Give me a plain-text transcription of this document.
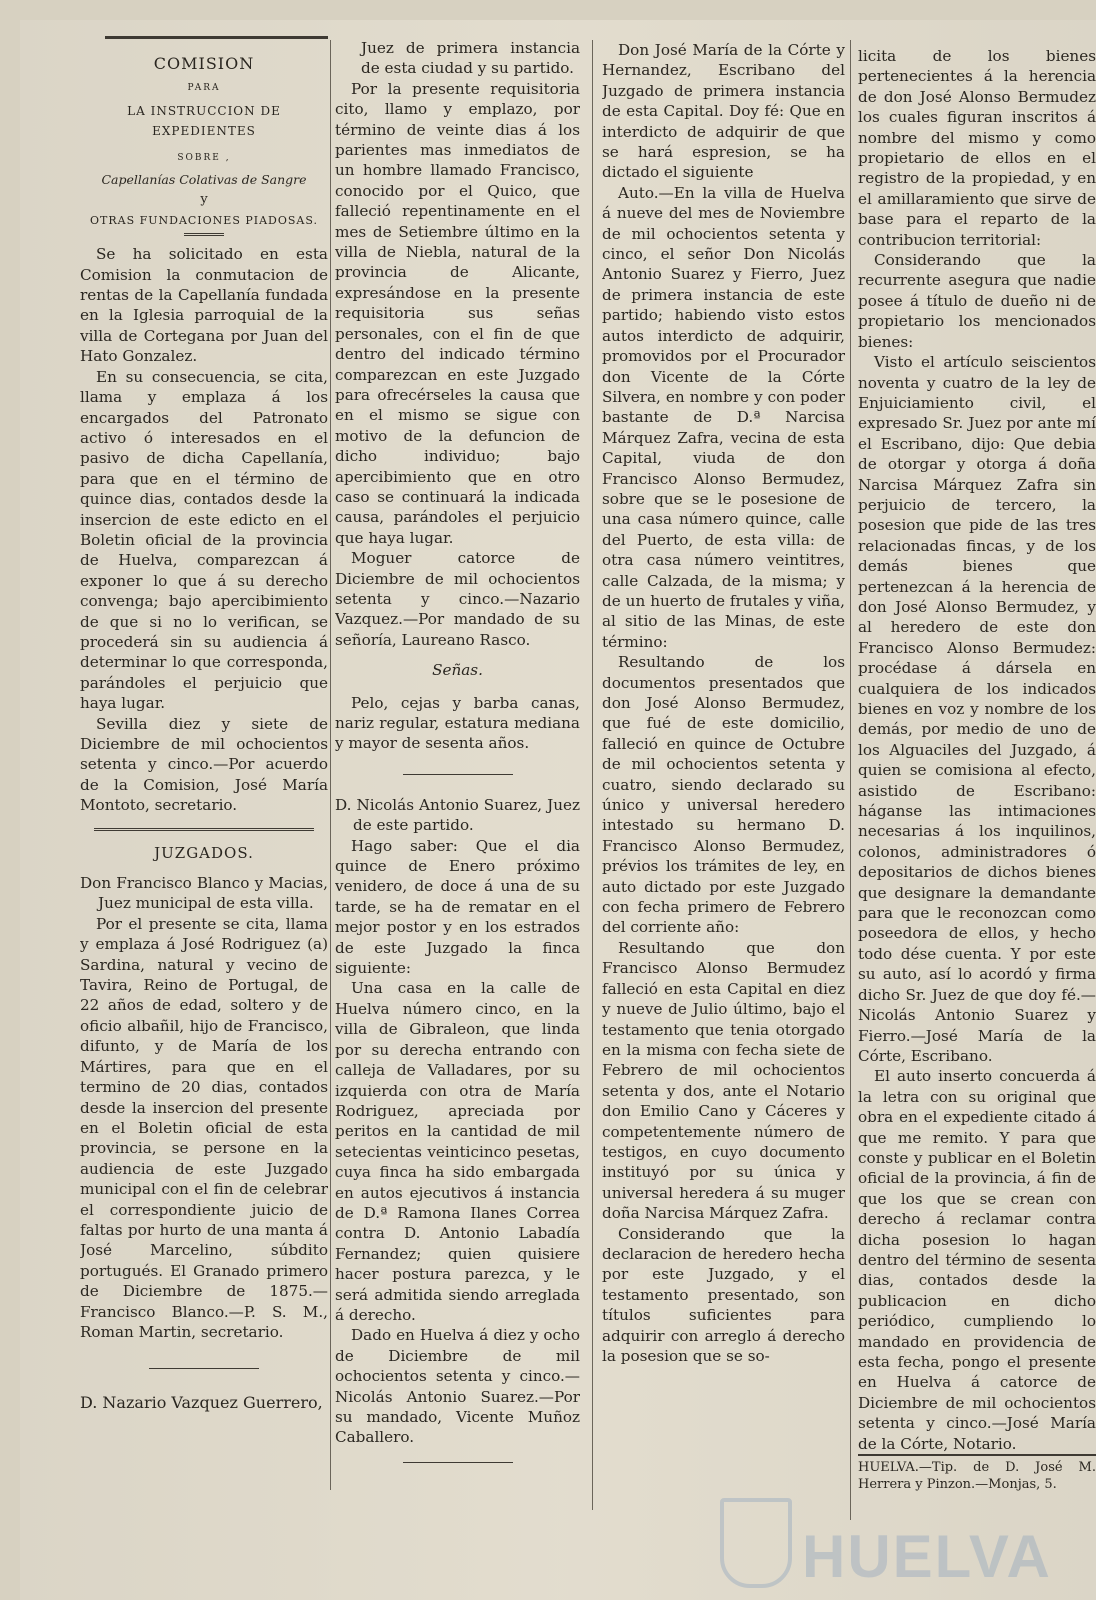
COMISION
PARA
LA INSTRUCCION DE EXPEDIENTES
SOBRE ,
Capellanías Colativas de Sangre
y
OTRAS FUNDACIONES PIADOSAS.

Se ha solicitado en esta Comision la conmutacion de rentas de la Capellanía fundada en la Iglesia parroquial de la villa de Cortegana por Juan del Hato Gonzalez.

En su consecuencia, se cita, llama y emplaza á los encargados del Patronato activo ó interesados en el pasivo de dicha Capellanía, para que en el término de quince dias, contados desde la insercion de este edicto en el Boletin oficial de la provincia de Huelva, comparezcan á exponer lo que á su derecho convenga; bajo apercibimiento de que si no lo verifican, se procederá sin su audiencia á determinar lo que corresponda, parándoles el perjuicio que haya lugar.

Sevilla diez y siete de Diciembre de mil ochocientos setenta y cinco.—Por acuerdo de la Comision, José María Montoto, secretario.

JUZGADOS.

Don Francisco Blanco y Macias, Juez municipal de esta villa.

Por el presente se cita, llama y emplaza á José Rodriguez (a) Sardina, natural y vecino de Tavira, Reino de Portugal, de 22 años de edad, soltero y de oficio albañil, hijo de Francisco, difunto, y de María de los Mártires, para que en el termino de 20 dias, contados desde la insercion del presente en el Boletin oficial de esta provincia, se persone en la audiencia de este Juzgado municipal con el fin de celebrar el correspondiente juicio de faltas por hurto de una manta á José Marcelino, súbdito portugués. El Granado primero de Diciembre de 1875.—Francisco Blanco.—P. S. M., Roman Martin, secretario.

D. Nazario Vazquez Guerrero,

Juez de primera instancia de esta ciudad y su partido.

Por la presente requisitoria cito, llamo y emplazo, por término de veinte dias á los parientes mas inmediatos de un hombre llamado Francisco, conocido por el Quico, que falleció repentinamente en el mes de Setiembre último en la villa de Niebla, natural de la provincia de Alicante, expresándose en la presente requisitoria sus señas personales, con el fin de que dentro del indicado término comparezcan en este Juzgado para ofrecérseles la causa que en el mismo se sigue con motivo de la defuncion de dicho individuo; bajo apercibimiento que en otro caso se continuará la indicada causa, parándoles el perjuicio que haya lugar.

Moguer catorce de Diciembre de mil ochocientos setenta y cinco.—Nazario Vazquez.—Por mandado de su señoría, Laureano Rasco.

Señas.

Pelo, cejas y barba canas, nariz regular, estatura mediana y mayor de sesenta años.

D. Nicolás Antonio Suarez, Juez de este partido.

Hago saber: Que el dia quince de Enero próximo venidero, de doce á una de su tarde, se ha de rematar en el mejor postor y en los estrados de este Juzgado la finca siguiente:

Una casa en la calle de Huelva número cinco, en la villa de Gibraleon, que linda por su derecha entrando con calleja de Valladares, por su izquierda con otra de María Rodriguez, apreciada por peritos en la cantidad de mil setecientas veinticinco pesetas, cuya finca ha sido embargada en autos ejecutivos á instancia de D.ª Ramona Ilanes Correa contra D. Antonio Labadía Fernandez; quien quisiere hacer postura parezca, y le será admitida siendo arreglada á derecho.

Dado en Huelva á diez y ocho de Diciembre de mil ochocientos setenta y cinco.—Nicolás Antonio Suarez.—Por su mandado, Vicente Muñoz Caballero.

Don José María de la Córte y Hernandez, Escribano del Juzgado de primera instancia de esta Capital. Doy fé: Que en interdicto de adquirir de que se hará espresion, se ha dictado el siguiente

Auto.—En la villa de Huelva á nueve del mes de Noviembre de mil ochocientos setenta y cinco, el señor Don Nicolás Antonio Suarez y Fierro, Juez de primera instancia de este partido; habiendo visto estos autos interdicto de adquirir, promovidos por el Procurador don Vicente de la Córte Silvera, en nombre y con poder bastante de D.ª Narcisa Márquez Zafra, vecina de esta Capital, viuda de don Francisco Alonso Bermudez, sobre que se le posesione de una casa número quince, calle del Puerto, de esta villa: de otra casa número veintitres, calle Calzada, de la misma; y de un huerto de frutales y viña, al sitio de las Minas, de este término:

Resultando de los documentos presentados que don José Alonso Bermudez, que fué de este domicilio, falleció en quince de Octubre de mil ochocientos setenta y cuatro, siendo declarado su único y universal heredero intestado su hermano D. Francisco Alonso Bermudez, prévios los trámites de ley, en auto dictado por este Juzgado con fecha primero de Febrero del corriente año:

Resultando que don Francisco Alonso Bermudez falleció en esta Capital en diez y nueve de Julio último, bajo el testamento que tenia otorgado en la misma con fecha siete de Febrero de mil ochocientos setenta y dos, ante el Notario don Emilio Cano y Cáceres y competentemente número de testigos, en cuyo documento instituyó por su única y universal heredera á su muger doña Narcisa Márquez Zafra.

Considerando que la declaracion de heredero hecha por este Juzgado, y el testamento presentado, son títulos suficientes para adquirir con arreglo á derecho la posesion que se so-

licita de los bienes pertenecientes á la herencia de don José Alonso Bermudez los cuales figuran inscritos á nombre del mismo y como propietario de ellos en el registro de la propiedad, y en el amillaramiento que sirve de base para el reparto de la contribucion territorial:

Considerando que la recurrente asegura que nadie posee á título de dueño ni de propietario los mencionados bienes:

Visto el artículo seiscientos noventa y cuatro de la ley de Enjuiciamiento civil, el expresado Sr. Juez por ante mí el Escribano, dijo: Que debia de otorgar y otorga á doña Narcisa Márquez Zafra sin perjuicio de tercero, la posesion que pide de las tres relacionadas fincas, y de los demás bienes que pertenezcan á la herencia de don José Alonso Bermudez, y al heredero de este don Francisco Alonso Bermudez: procédase á dársela en cualquiera de los indicados bienes en voz y nombre de los demás, por medio de uno de los Alguaciles del Juzgado, á quien se comisiona al efecto, asistido de Escribano: háganse las intimaciones necesarias á los inquilinos, colonos, administradores ó depositarios de dichos bienes que designare la demandante para que le reconozcan como poseedora de ellos, y hecho todo dése cuenta. Y por este su auto, así lo acordó y firma dicho Sr. Juez de que doy fé.—Nicolás Antonio Suarez y Fierro.—José María de la Córte, Escribano.

El auto inserto concuerda á la letra con su original que obra en el expediente citado á que me remito. Y para que conste y publicar en el Boletin oficial de la provincia, á fin de que los que se crean con derecho á reclamar contra dicha posesion lo hagan dentro del término de sesenta dias, contados desde la publicacion en dicho periódico, cumpliendo lo mandado en providencia de esta fecha, pongo el presente en Huelva á catorce de Diciembre de mil ochocientos setenta y cinco.—José María de la Córte, Notario.

HUELVA.—Tip. de D. José M. Herrera y Pinzon.—Monjas, 5.
HUELVA
